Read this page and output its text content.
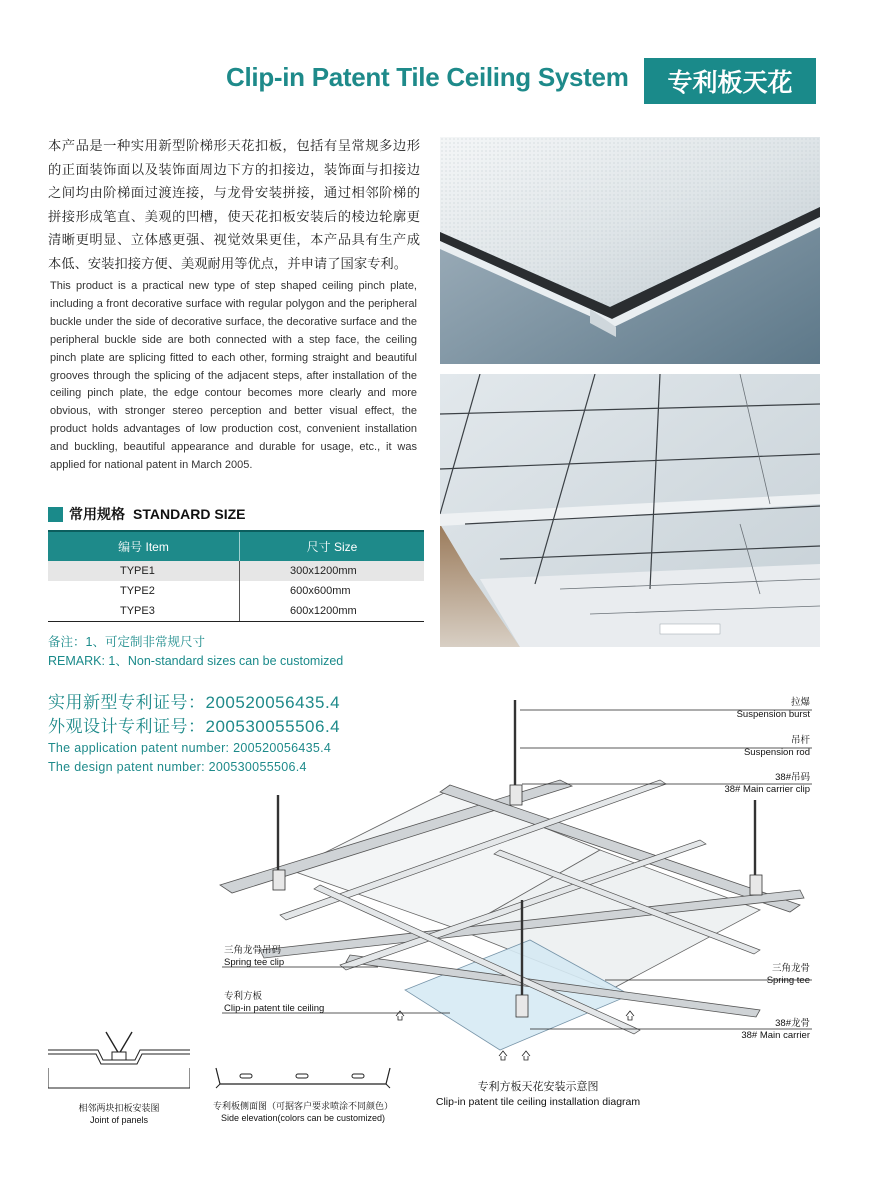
Clip-in Patent Tile Ceiling System	专利板天花
本产品是一种实用新型阶梯形天花扣板，包括有呈常规多边形的正面装饰面以及装饰面周边下方的扣接边，装饰面与扣接边之间均由阶梯面过渡连接，与龙骨安装拼接，通过相邻阶梯的拼接形成笔直、美观的凹槽，使天花扣板安装后的棱边轮廓更清晰更明显、立体感更强、视觉效果更佳，本产品具有生产成本低、安装扣接方便、美观耐用等优点，并申请了国家专利。
This product is a practical new type of step shaped ceiling pinch plate, including a front decorative surface with regular polygon and the peripheral buckle under the side of decorative surface, the decorative surface and the peripheral buckle side are both connected with a step face, the ceiling pinch plate are splicing fitted to each other, forming straight and beautiful grooves through the splicing of the adjacent steps, after installation of the ceiling pinch plate, the edge contour becomes more clearly and more obvious, with stronger stereo perception and better visual effect, the product holds advantages of low production cost, convenient installation and buckling, beautiful appearance and durable for usage, etc., it was applied for national patent in March 2005.
常用规格 STANDARD SIZE
编号 Item	尺寸 Size
TYPE1	300x1200mm
TYPE2	600x600mm
TYPE3	600x1200mm
备注：1、可定制非常规尺寸
REMARK: 1、Non-standard sizes can be customized
实用新型专利证号：200520056435.4
外观设计专利证号：200530055506.4
The application patent number: 200520056435.4
The design patent number: 200530055506.4
拉爆
Suspension burst
吊杆
Suspension rod
38#吊码
38# Main carrier clip
三角龙骨吊码
Spring tee clip
专利方板
Clip-in patent tile ceiling
三角龙骨
Spring tee
38#龙骨
38# Main carrier
相邻两块扣板安装图
Joint of panels
专利板侧面图（可据客户要求喷涂不同颜色）
Side elevation(colors can be customized)
专利方板天花安装示意图
Clip-in patent tile ceiling installation diagram
